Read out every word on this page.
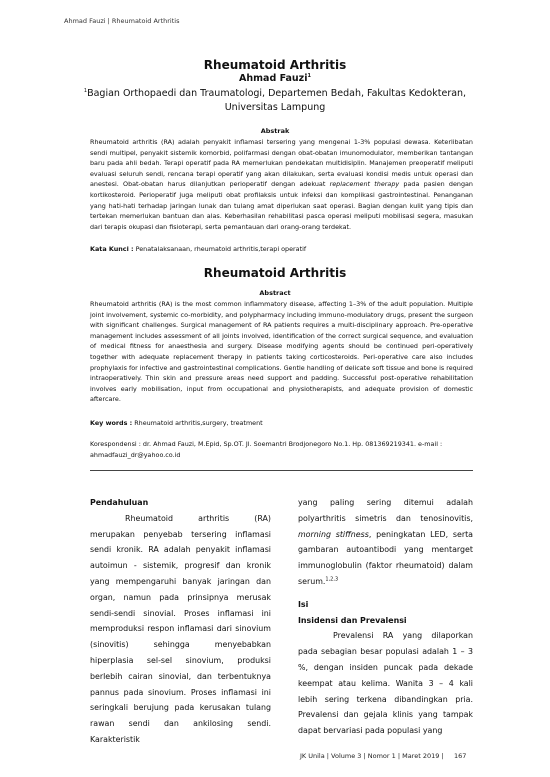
Ahmad Fauzi | Rheumatoid Arthritis
Rheumatoid Arthritis
Ahmad Fauzi$^1$
$^1$Bagian Orthopaedi dan Traumatologi, Departemen Bedah, Fakultas Kedokteran,
Universitas Lampung
Abstrak
Rheumatoid arthritis (RA) adalah penyakit inflamasi tersering yang mengenai 1-3% populasi dewasa. Keterlibatan sendi multipel, penyakit sistemik komorbid, polifarmasi dengan obat-obatan imunomodulator, memberikan tantangan baru pada ahli bedah. Terapi operatif pada RA memerlukan pendekatan multidisiplin. Manajemen preoperatif meliputi evaluasi seluruh sendi, rencana terapi operatif yang akan dilakukan, serta evaluasi kondisi medis untuk operasi dan anestesi. Obat-obatan harus dilanjutkan perioperatif dengan adekuat replacement therapy pada pasien dengan kortikosteroid. Perioperatif juga meliputi obat profilaksis untuk infeksi dan komplikasi gastrointestinal. Penanganan yang hati-hati terhadap jaringan lunak dan tulang amat diperlukan saat operasi. Bagian dengan kulit yang tipis dan tertekan memerlukan bantuan dan alas. Keberhasilan rehabilitasi pasca operasi meliputi mobilisasi segera, masukan dari terapis okupasi dan fisioterapi, serta pemantauan dari orang-orang terdekat.
Kata Kunci : Penatalaksanaan, rheumatoid arthritis,terapi operatif
Rheumatoid Arthritis
Abstract
Rheumatoid arthritis (RA) is the most common inflammatory disease, affecting 1–3% of the adult population. Multiple joint involvement, systemic co-morbidity, and polypharmacy including immuno-modulatory drugs, present the surgeon with significant challenges. Surgical management of RA patients requires a multi-disciplinary approach. Pre-operative management includes assessment of all joints involved, identification of the correct surgical sequence, and evaluation of medical fitness for anaesthesia and surgery. Disease modifying agents should be continued peri-operatively together with adequate replacement therapy in patients taking corticosteroids. Peri-operative care also includes prophylaxis for infective and gastrointestinal complications. Gentle handling of delicate soft tissue and bone is required intraoperatively. Thin skin and pressure areas need support and padding. Successful post-operative rehabilitation involves early mobilisation, input from occupational and physiotherapists, and adequate provision of domestic aftercare.
Key words : Rheumatoid arthritis,surgery, treatment
Korespondensi : dr. Ahmad Fauzi, M.Epid, Sp.OT. Jl. Soemantri Brodjonegoro No.1. Hp. 081369219341. e-mail :
ahmadfauzi_dr@yahoo.co.id

Pendahuluan

Rheumatoid arthritis (RA) merupakan penyebab tersering inflamasi sendi kronik. RA adalah penyakit inflamasi autoimun - sistemik, progresif dan kronik yang mempengaruhi banyak jaringan dan organ, namun pada prinsipnya merusak sendi-sendi sinovial. Proses inflamasi ini memproduksi respon inflamasi dari sinovium (sinovitis) sehingga menyebabkan hiperplasia sel-sel sinovium, produksi berlebih cairan sinovial, dan terbentuknya pannus pada sinovium. Proses inflamasi ini seringkali berujung pada kerusakan tulang rawan sendi dan ankilosing sendi. Karakteristik

yang paling sering ditemui adalah polyarthritis simetris dan tenosinovitis, morning stiffness, peningkatan LED, serta gambaran autoantibodi yang mentarget immunoglobulin (faktor rheumatoid) dalam serum.$^{1,2,3}$

Isi

Insidensi dan Prevalensi

Prevalensi RA yang dilaporkan pada sebagian besar populasi adalah 1 – 3 %, dengan insiden puncak pada dekade keempat atau kelima. Wanita 3 – 4 kali lebih sering terkena dibandingkan pria. Prevalensi dan gejala klinis yang tampak dapat bervariasi pada populasi yang

JK Unila | Volume 3 | Nomor 1 | Maret 2019 |     167
